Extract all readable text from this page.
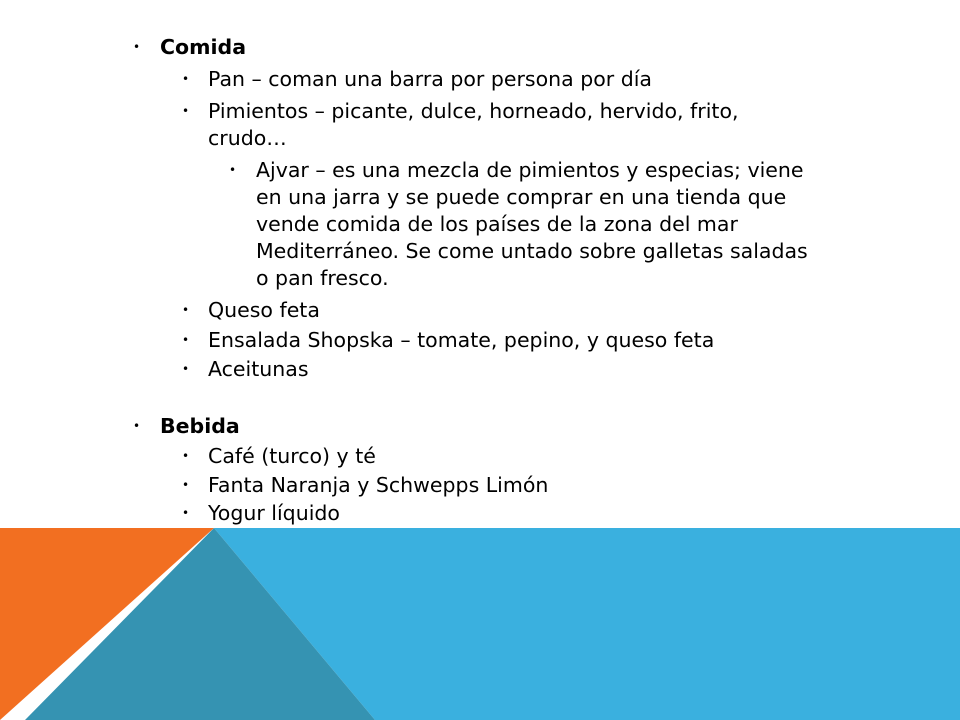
• Comida
• Pan – coman una barra por persona por día
• Pimientos – picante, dulce, horneado, hervido, frito,
crudo…
• Ajvar – es una mezcla de pimientos y especias; viene
en una jarra y se puede comprar en una tienda que
vende comida de los países de la zona del mar
Mediterráneo. Se come untado sobre galletas saladas
o pan fresco.
• Queso feta
• Ensalada Shopska – tomate, pepino, y queso feta
• Aceitunas
• Bebida
• Café (turco) y té
• Fanta Naranja y Schwepps Limón
• Yogur líquido
